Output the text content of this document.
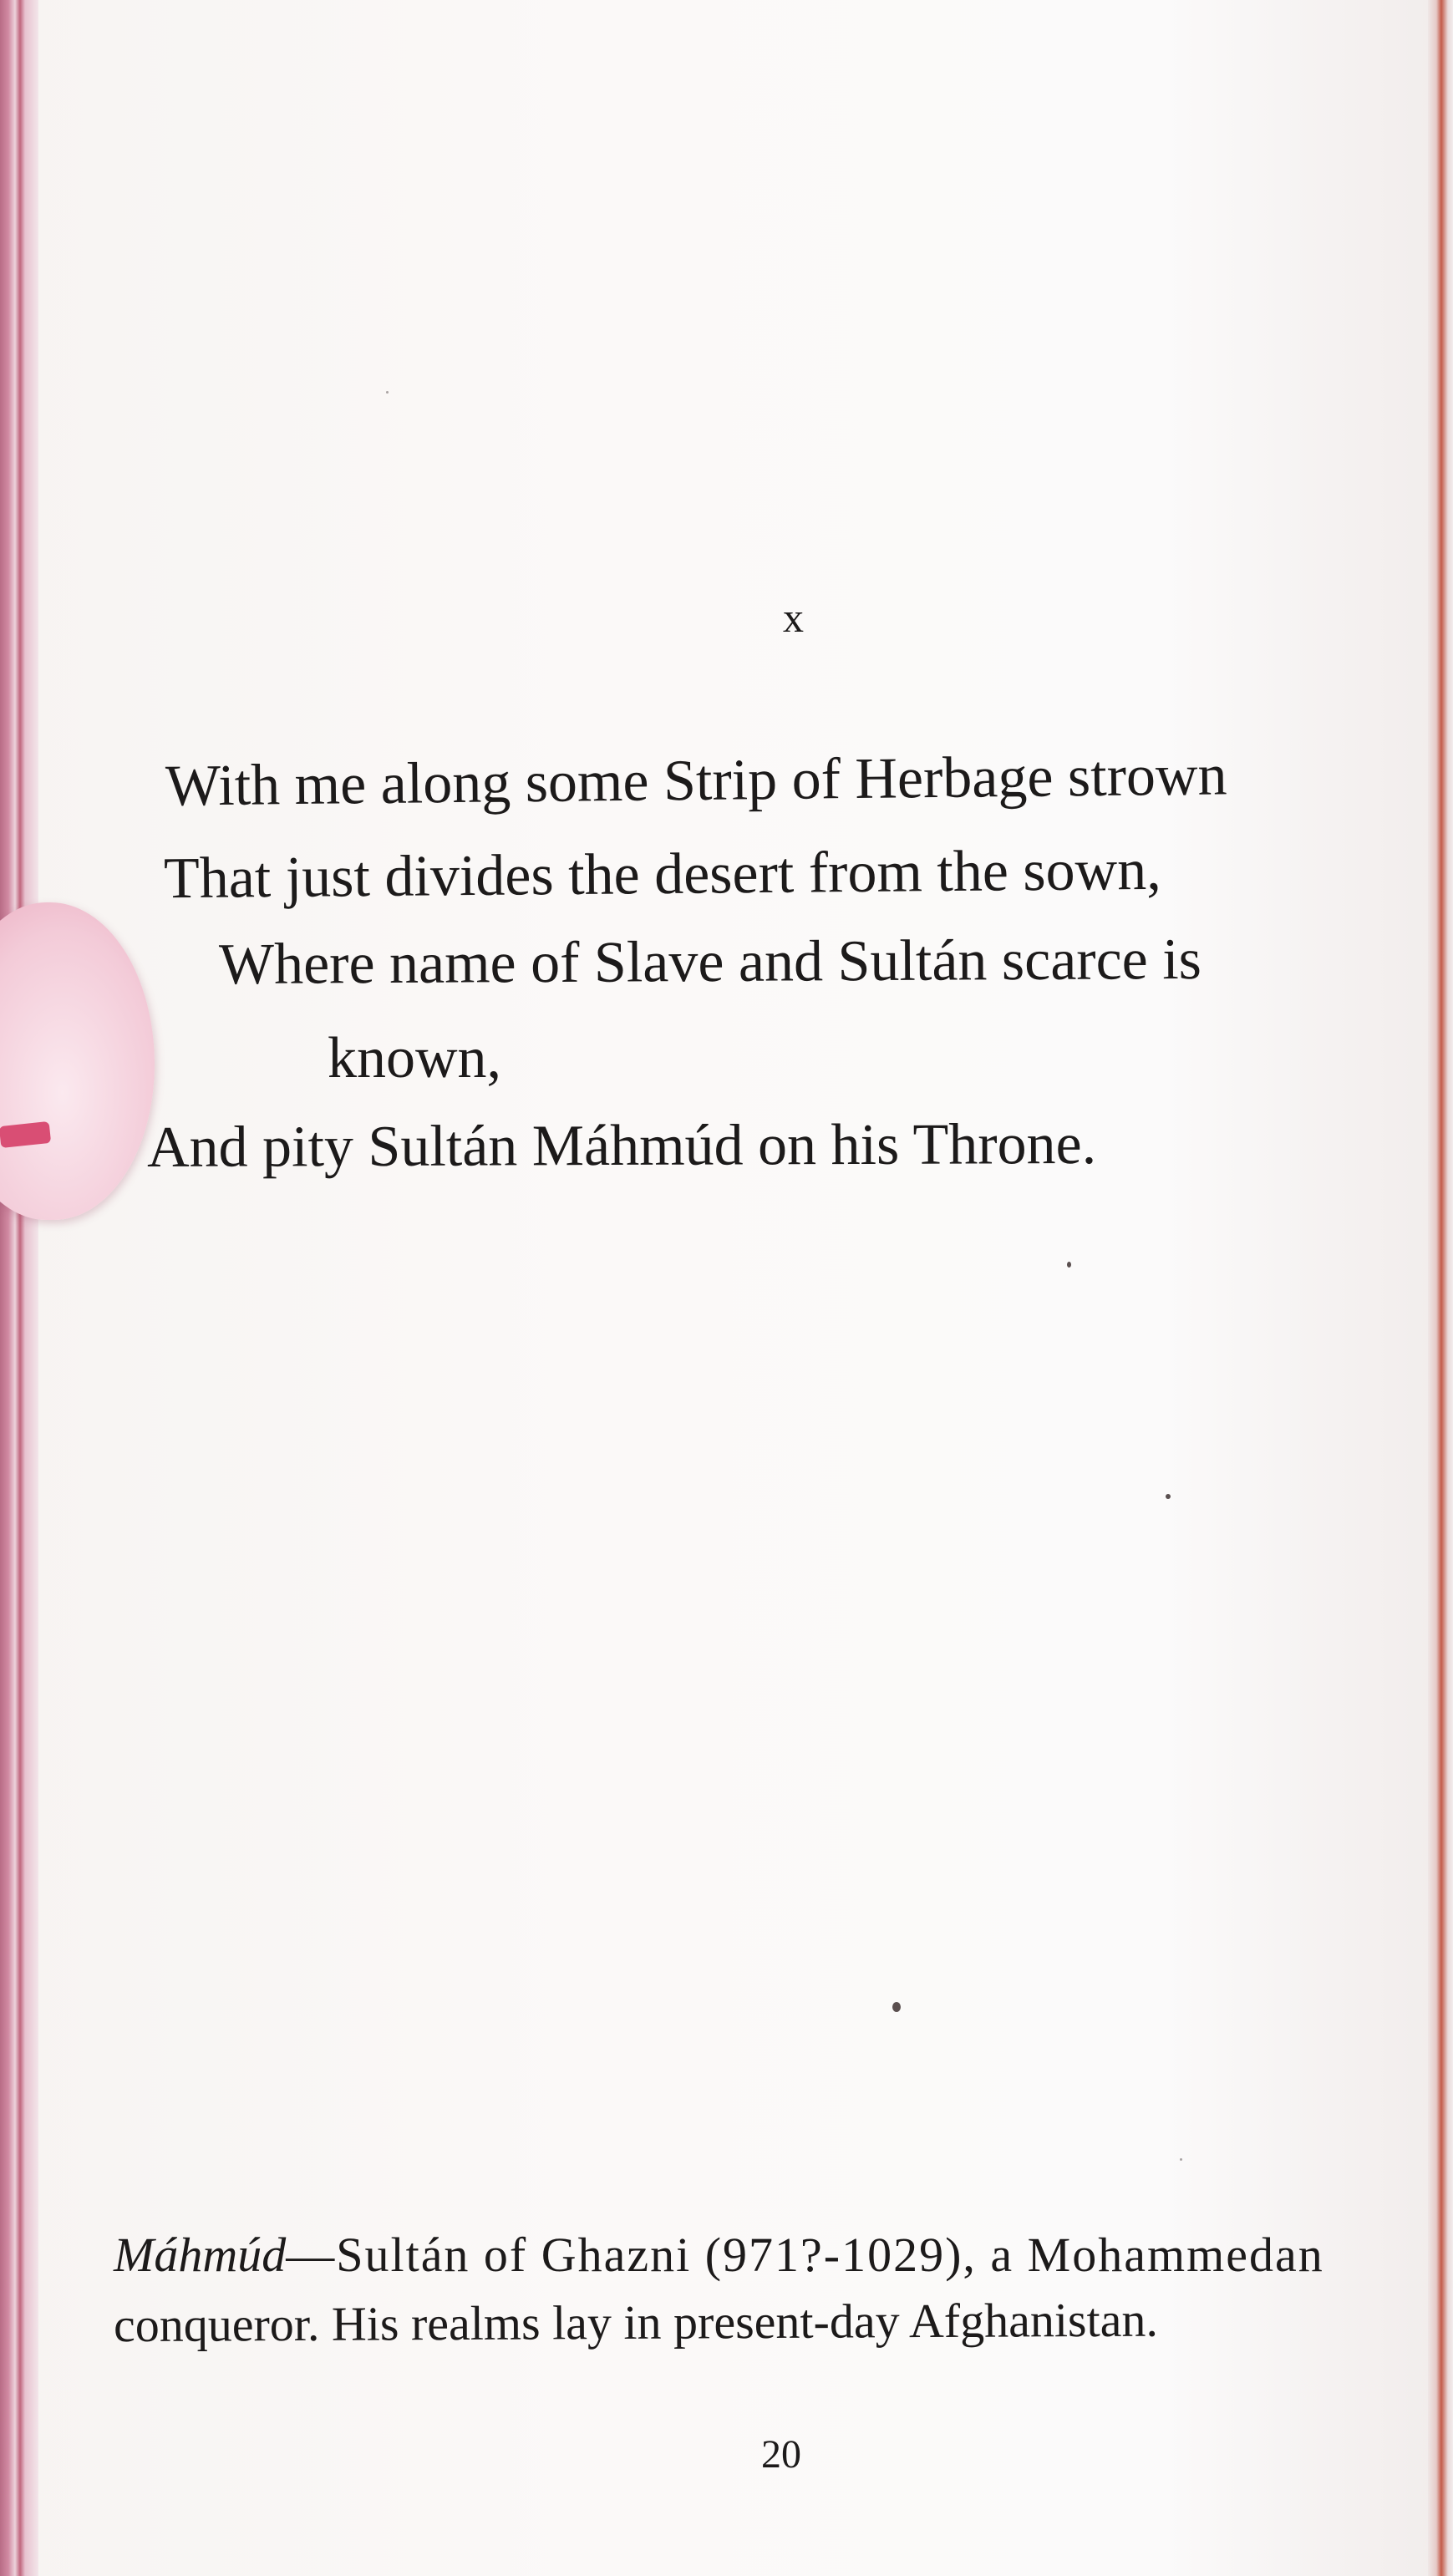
x
With me along some Strip of Herbage strown
That just divides the desert from the sown,
Where name of Slave and Sultán scarce is
known,
And pity Sultán Máhmúd on his Throne.
Máhmúd—Sultán of Ghazni (971?-1029), a Mohammedan
conqueror. His realms lay in present-day Afghanistan.
20
